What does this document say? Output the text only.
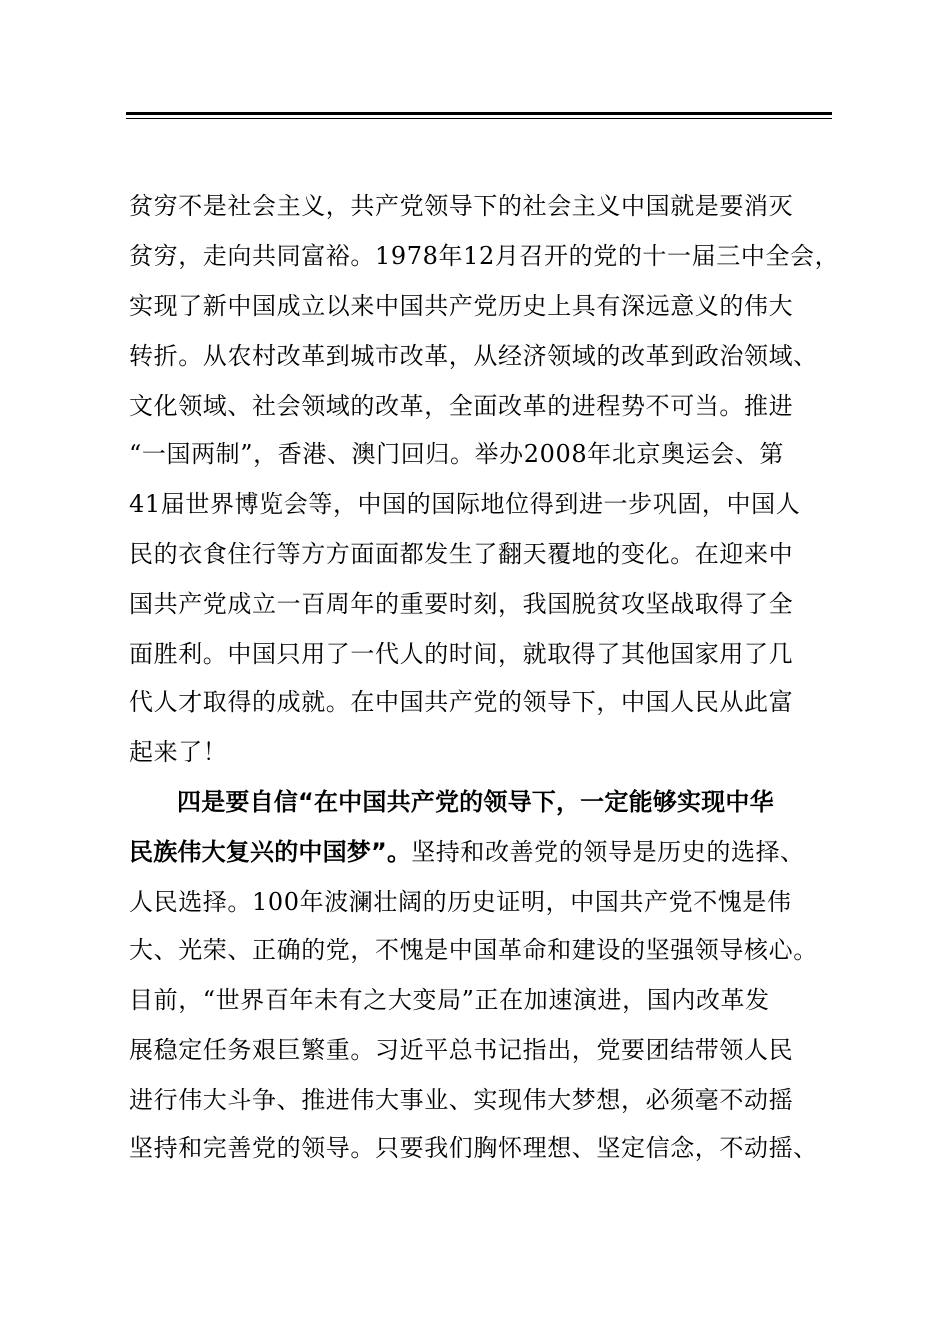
贫穷不是社会主义，共产党领导下的社会主义中国就是要消灭
贫穷，走向共同富裕。1978年12月召开的党的十一届三中全会，
实现了新中国成立以来中国共产党历史上具有深远意义的伟大
转折。从农村改革到城市改革，从经济领域的改革到政治领域、
文化领域、社会领域的改革，全面改革的进程势不可当。推进
“一国两制”，香港、澳门回归。举办2008年北京奥运会、第
41届世界博览会等，中国的国际地位得到进一步巩固，中国人
民的衣食住行等方方面面都发生了翻天覆地的变化。在迎来中
国共产党成立一百周年的重要时刻，我国脱贫攻坚战取得了全
面胜利。中国只用了一代人的时间，就取得了其他国家用了几
代人才取得的成就。在中国共产党的领导下，中国人民从此富
起来了！
四是要自信“在中国共产党的领导下，一定能够实现中华
民族伟大复兴的中国梦”。坚持和改善党的领导是历史的选择、
人民选择。100年波澜壮阔的历史证明，中国共产党不愧是伟
大、光荣、正确的党，不愧是中国革命和建设的坚强领导核心。
目前，“世界百年未有之大变局”正在加速演进，国内改革发
展稳定任务艰巨繁重。习近平总书记指出，党要团结带领人民
进行伟大斗争、推进伟大事业、实现伟大梦想，必须毫不动摇
坚持和完善党的领导。只要我们胸怀理想、坚定信念，不动摇、
